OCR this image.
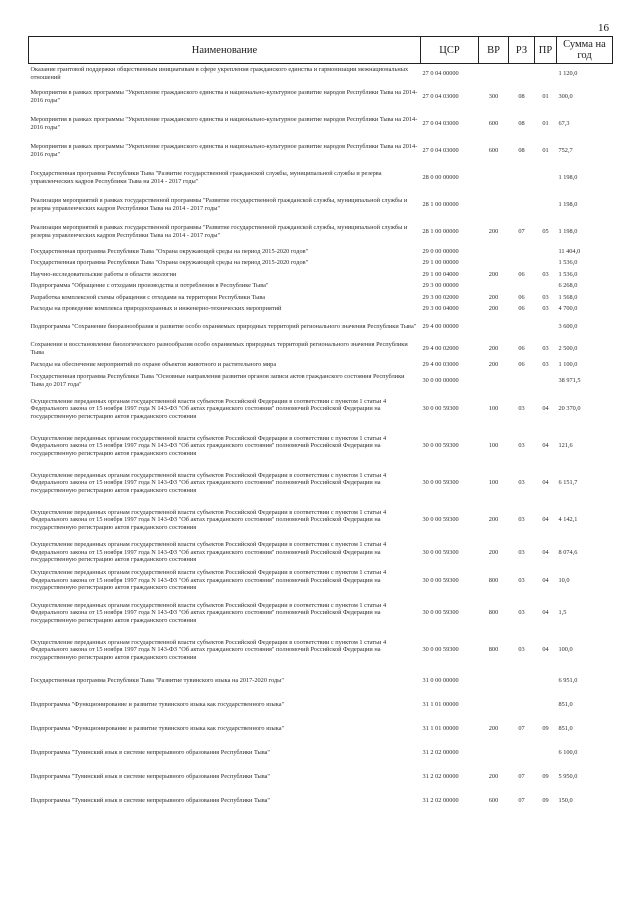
16
Наименование	ЦСР	ВР	РЗ	ПР	Сумма на год
Оказание грантовой поддержки общественным инициативам в сфере укрепления гражданского единства и гармонизации межнациональных отношений	27 0 04 00000				1 120,0
Мероприятия в рамках программы "Укрепление гражданского единства и национально-культурное развитие народов Республики Тыва на 2014-2016 годы"	27 0 04 03000	300	08	01	300,0
Мероприятия в рамках программы "Укрепление гражданского единства и национально-культурное развитие народов Республики Тыва на 2014-2016 годы"	27 0 04 03000	600	08	01	67,3
Мероприятия в рамках программы "Укрепление гражданского единства и национально-культурное развитие народов Республики Тыва на 2014-2016 годы"	27 0 04 03000	600	08	01	752,7
Государственная программа Республики Тыва "Развитие государственной гражданской службы, муниципальной службы и резерва управленческих кадров Республики Тыва на 2014 - 2017 годы"	28 0 00 00000				1 198,0
Реализация мероприятий в рамках государственной программы "Развитие государственной гражданской службы, муниципальной службы и резерва управленческих кадров Республики Тыва на 2014 - 2017 годы"	28 1 00 00000				1 198,0
Реализация мероприятий в рамках государственной программы "Развитие государственной гражданской службы, муниципальной службы и резерва управленческих кадров Республики Тыва на 2014 - 2017 годы"	28 1 00 00000	200	07	05	1 198,0
Государственная программа Республики Тыва "Охрана окружающей среды на период 2015-2020 годов"	29 0 00 00000				11 404,0
Государственная программа Республики Тыва "Охрана окружающей среды на период 2015-2020 годов"	29 1 00 00000				1 536,0
Научно-исследовательские работы в области экологии	29 1 00 04000	200	06	03	1 536,0
Подпрограмма "Обращение с отходами производства и потребления в Республике Тыва"	29 3 00 00000				6 268,0
Разработка комплексной схемы обращения с отходами на территории Республики Тыва	29 3 00 02000	200	06	03	1 568,0
Расходы на проведение комплекса природоохранных и инженерно-технических мероприятий	29 3 00 04000	200	06	03	4 700,0
Подпрограмма "Сохранение биоразнообразия и развитие особо охраняемых природных территорий регионального значения Республики Тыва"	29 4 00 00000				3 600,0
Сохранение и восстановление биологического разнообразия особо охраняемых природных территорий регионального значения Республики Тыва	29 4 00 02000	200	06	03	2 500,0
Расходы на обеспечение мероприятий по охране объектов животного и растительного мира	29 4 00 03000	200	06	03	1 100,0
Государственная программа Республики Тыва "Основные направления развития органов записи актов гражданского состояния Республики Тыва до 2017 года"	30 0 00 00000				38 971,5
Осуществление переданных органам государственной власти субъектов Российской Федерации в соответствии с пунктом 1 статьи 4 Федерального закона от 15 ноября 1997 года N 143-ФЗ "Об актах гражданского состояния" полномочий Российской Федерации на государственную регистрацию актов гражданского состояния	30 0 00 59300	100	03	04	20 370,0
Осуществление переданных органам государственной власти субъектов Российской Федерации в соответствии с пунктом 1 статьи 4 Федерального закона от 15 ноября 1997 года N 143-ФЗ "Об актах гражданского состояния" полномочий Российской Федерации на государственную регистрацию актов гражданского состояния	30 0 00 59300	100	03	04	121,6
Осуществление переданных органам государственной власти субъектов Российской Федерации в соответствии с пунктом 1 статьи 4 Федерального закона от 15 ноября 1997 года N 143-ФЗ "Об актах гражданского состояния" полномочий Российской Федерации на государственную регистрацию актов гражданского состояния	30 0 00 59300	100	03	04	6 151,7
Осуществление переданных органам государственной власти субъектов Российской Федерации в соответствии с пунктом 1 статьи 4 Федерального закона от 15 ноября 1997 года N 143-ФЗ "Об актах гражданского состояния" полномочий Российской Федерации на государственную регистрацию актов гражданского состояния	30 0 00 59300	200	03	04	4 142,1
Осуществление переданных органам государственной власти субъектов Российской Федерации в соответствии с пунктом 1 статьи 4 Федерального закона от 15 ноября 1997 года N 143-ФЗ "Об актах гражданского состояния" полномочий Российской Федерации на государственную регистрацию актов гражданского состояния	30 0 00 59300	200	03	04	8 074,6
Осуществление переданных органам государственной власти субъектов Российской Федерации в соответствии с пунктом 1 статьи 4 Федерального закона от 15 ноября 1997 года N 143-ФЗ "Об актах гражданского состояния" полномочий Российской Федерации на государственную регистрацию актов гражданского состояния	30 0 00 59300	800	03	04	10,0
Осуществление переданных органам государственной власти субъектов Российской Федерации в соответствии с пунктом 1 статьи 4 Федерального закона от 15 ноября 1997 года N 143-ФЗ "Об актах гражданского состояния" полномочий Российской Федерации на государственную регистрацию актов гражданского состояния	30 0 00 59300	800	03	04	1,5
Осуществление переданных органам государственной власти субъектов Российской Федерации в соответствии с пунктом 1 статьи 4 Федерального закона от 15 ноября 1997 года N 143-ФЗ "Об актах гражданского состояния" полномочий Российской Федерации на государственную регистрацию актов гражданского состояния	30 0 00 59300	800	03	04	100,0
Государственная программа Республики Тыва "Развитие тувинского языка на 2017-2020 годы"	31 0 00 00000				6 951,0
Подпрограмма "Функционирование и развитие тувинского языка как государственного языка"	31 1 01 00000				851,0
Подпрограмма "Функционирование и развитие тувинского языка как государственного языка"	31 1 01 00000	200	07	09	851,0
Подпрограмма "Тувинский язык в системе непрерывного образования Республики Тыва"	31 2 02 00000				6 100,0
Подпрограмма "Тувинский язык в системе непрерывного образования Республики Тыва"	31 2 02 00000	200	07	09	5 950,0
Подпрограмма "Тувинский язык в системе непрерывного образования Республики Тыва"	31 2 02 00000	600	07	09	150,0
